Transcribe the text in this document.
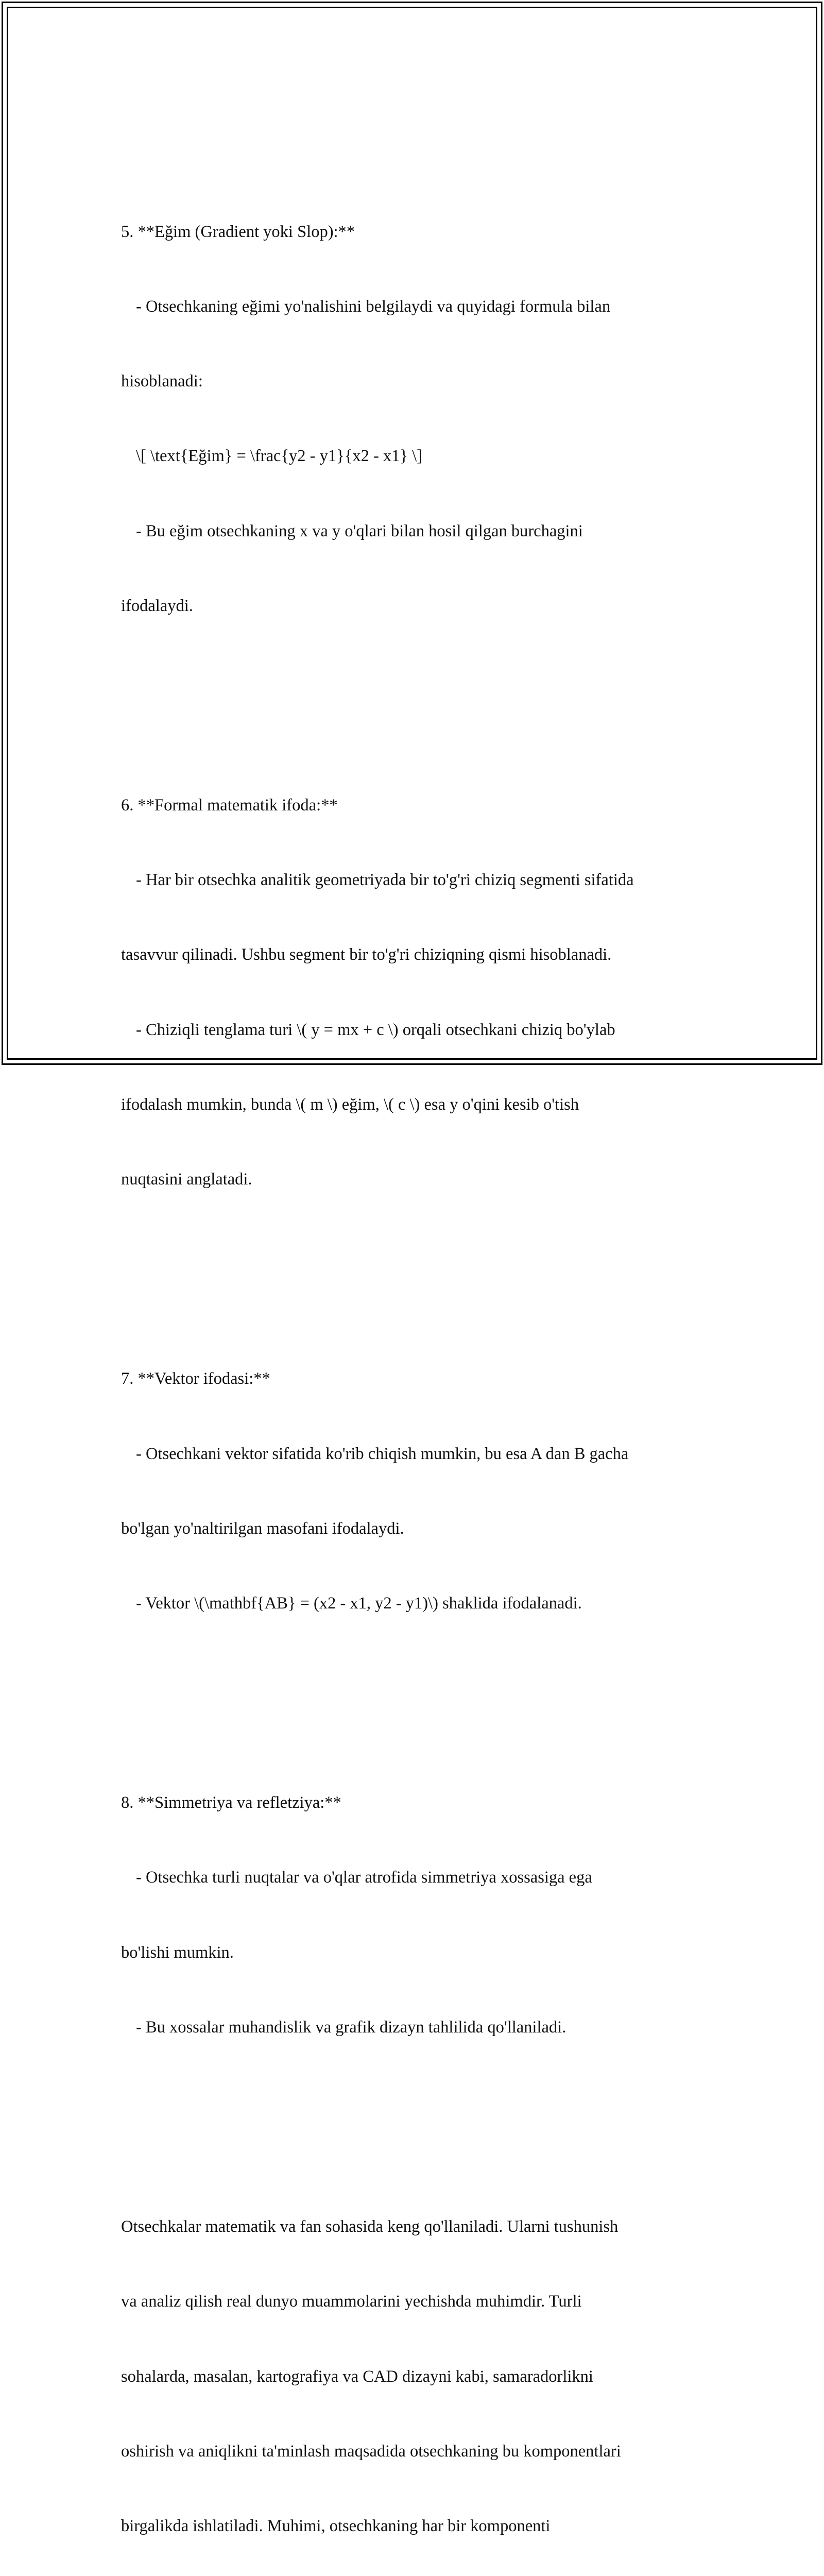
5. **Eğim (Gradient yoki Slop):**

- Otsechkaning eğimi yo'nalishini belgilaydi va quyidagi formula bilan

hisoblanadi:

\[ \text{Eğim} = \frac{y2 - y1}{x2 - x1} \]

- Bu eğim otsechkaning x va y o'qlari bilan hosil qilgan burchagini

ifodalaydi.

6. **Formal matematik ifoda:**

- Har bir otsechka analitik geometriyada bir to'g'ri chiziq segmenti sifatida

tasavvur qilinadi. Ushbu segment bir to'g'ri chiziqning qismi hisoblanadi.

- Chiziqli tenglama turi \( y = mx + c \) orqali otsechkani chiziq bo'ylab

ifodalash mumkin, bunda \( m \) eğim, \( c \) esa y o'qini kesib o'tish

nuqtasini anglatadi.

7. **Vektor ifodasi:**

- Otsechkani vektor sifatida ko'rib chiqish mumkin, bu esa A dan B gacha

bo'lgan yo'naltirilgan masofani ifodalaydi.

- Vektor \(\mathbf{AB} = (x2 - x1, y2 - y1)\) shaklida ifodalanadi.

8. **Simmetriya va refletziya:**

- Otsechka turli nuqtalar va o'qlar atrofida simmetriya xossasiga ega

bo'lishi mumkin.

- Bu xossalar muhandislik va grafik dizayn tahlilida qo'llaniladi.

Otsechkalar matematik va fan sohasida keng qo'llaniladi. Ularni tushunish

va analiz qilish real dunyo muammolarini yechishda muhimdir. Turli

sohalarda, masalan, kartografiya va CAD dizayni kabi, samaradorlikni

oshirish va aniqlikni ta'minlash maqsadida otsechkaning bu komponentlari

birgalikda ishlatiladi. Muhimi, otsechkaning har bir komponenti
